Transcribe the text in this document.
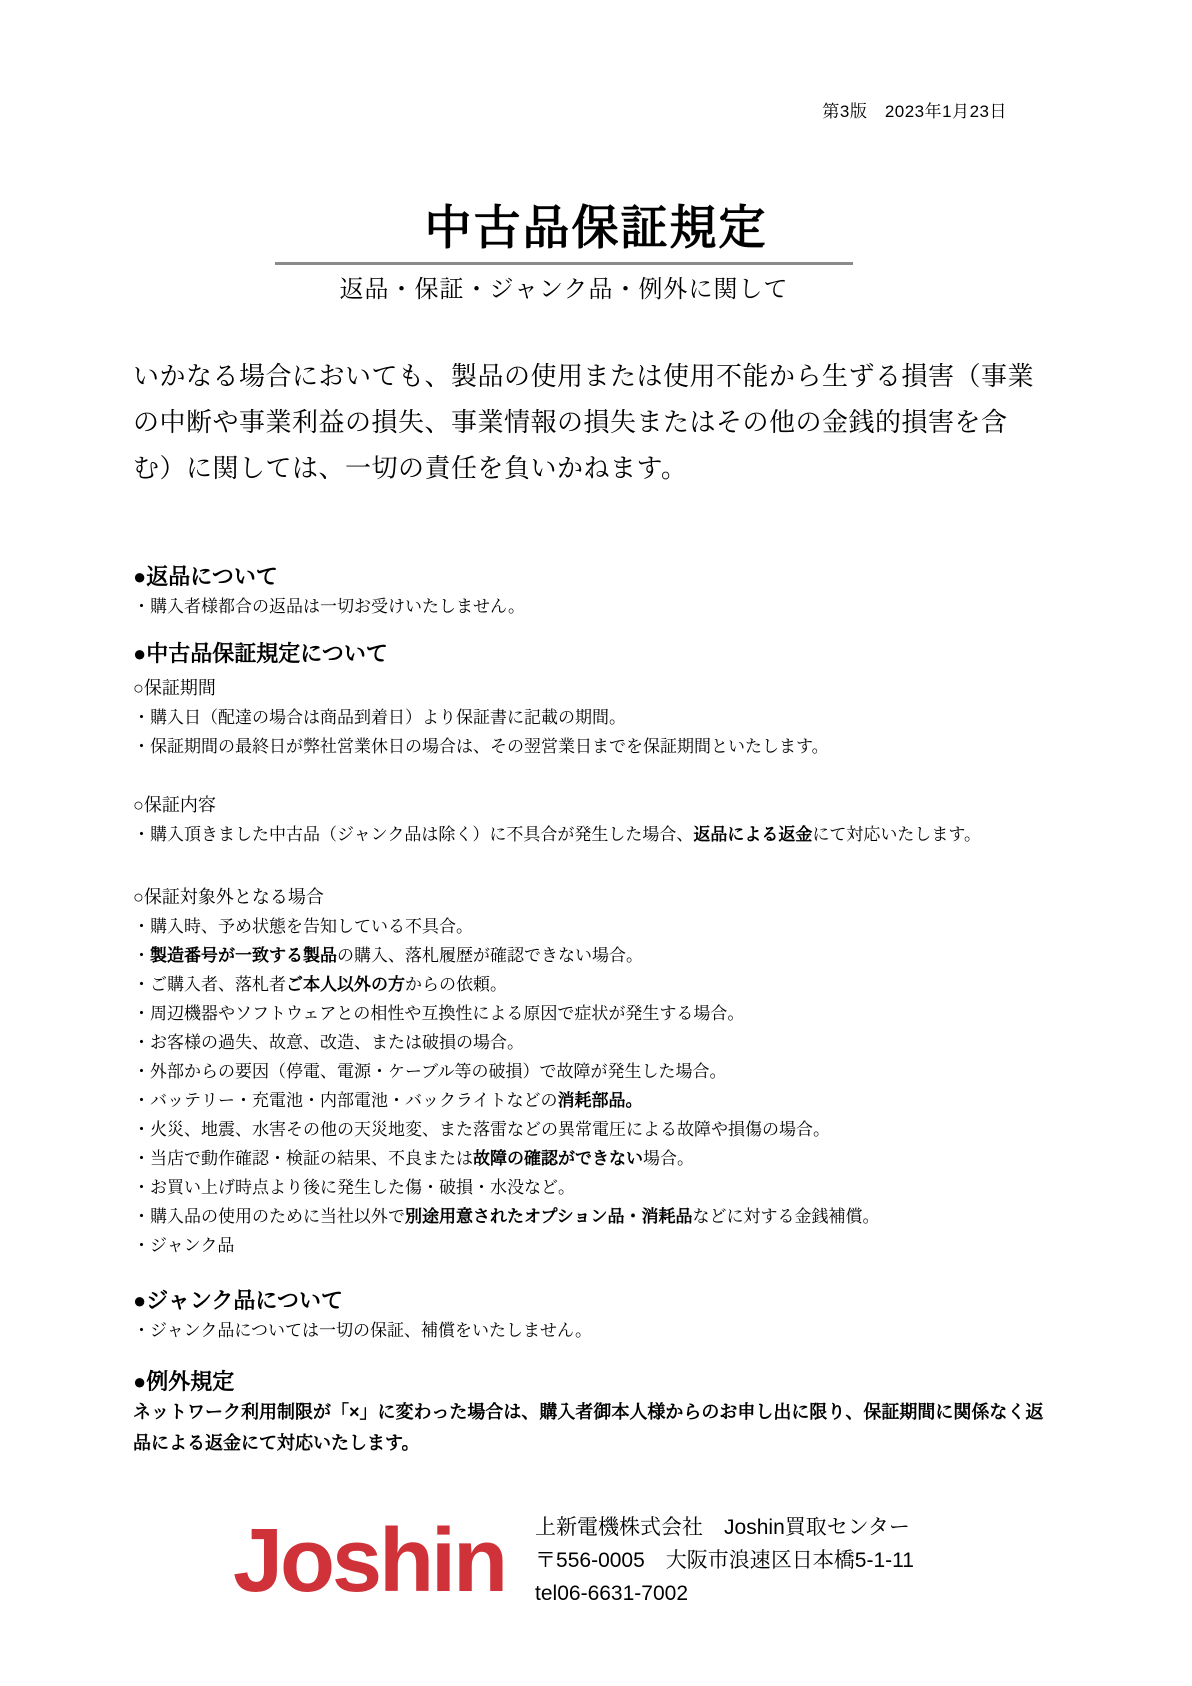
第3版　2023年1月23日
中古品保証規定
返品・保証・ジャンク品・例外に関して
いかなる場合においても、製品の使用または使用不能から生ずる損害（事業
の中断や事業利益の損失、事業情報の損失またはその他の金銭的損害を含
む）に関しては、一切の責任を負いかねます。
●返品について
・購入者様都合の返品は一切お受けいたしません。
●中古品保証規定について
○保証期間
・購入日（配達の場合は商品到着日）より保証書に記載の期間。
・保証期間の最終日が弊社営業休日の場合は、その翌営業日までを保証期間といたします。
○保証内容
・購入頂きました中古品（ジャンク品は除く）に不具合が発生した場合、返品による返金にて対応いたします。
○保証対象外となる場合
・購入時、予め状態を告知している不具合。
・製造番号が一致する製品の購入、落札履歴が確認できない場合。
・ご購入者、落札者ご本人以外の方からの依頼。
・周辺機器やソフトウェアとの相性や互換性による原因で症状が発生する場合。
・お客様の過失、故意、改造、または破損の場合。
・外部からの要因（停電、電源・ケーブル等の破損）で故障が発生した場合。
・バッテリー・充電池・内部電池・バックライトなどの消耗部品。
・火災、地震、水害その他の天災地変、また落雷などの異常電圧による故障や損傷の場合。
・当店で動作確認・検証の結果、不良または故障の確認ができない場合。
・お買い上げ時点より後に発生した傷・破損・水没など。
・購入品の使用のために当社以外で別途用意されたオプション品・消耗品などに対する金銭補償。
・ジャンク品
●ジャンク品について
・ジャンク品については一切の保証、補償をいたしません。
●例外規定
ネットワーク利用制限が「×」に変わった場合は、購入者御本人様からのお申し出に限り、保証期間に関係なく返品による返金にて対応いたします。
Joshin 上新電機株式会社　Joshin買取センター
〒556-0005　大阪市浪速区日本橋5-1-11
tel06-6631-7002
